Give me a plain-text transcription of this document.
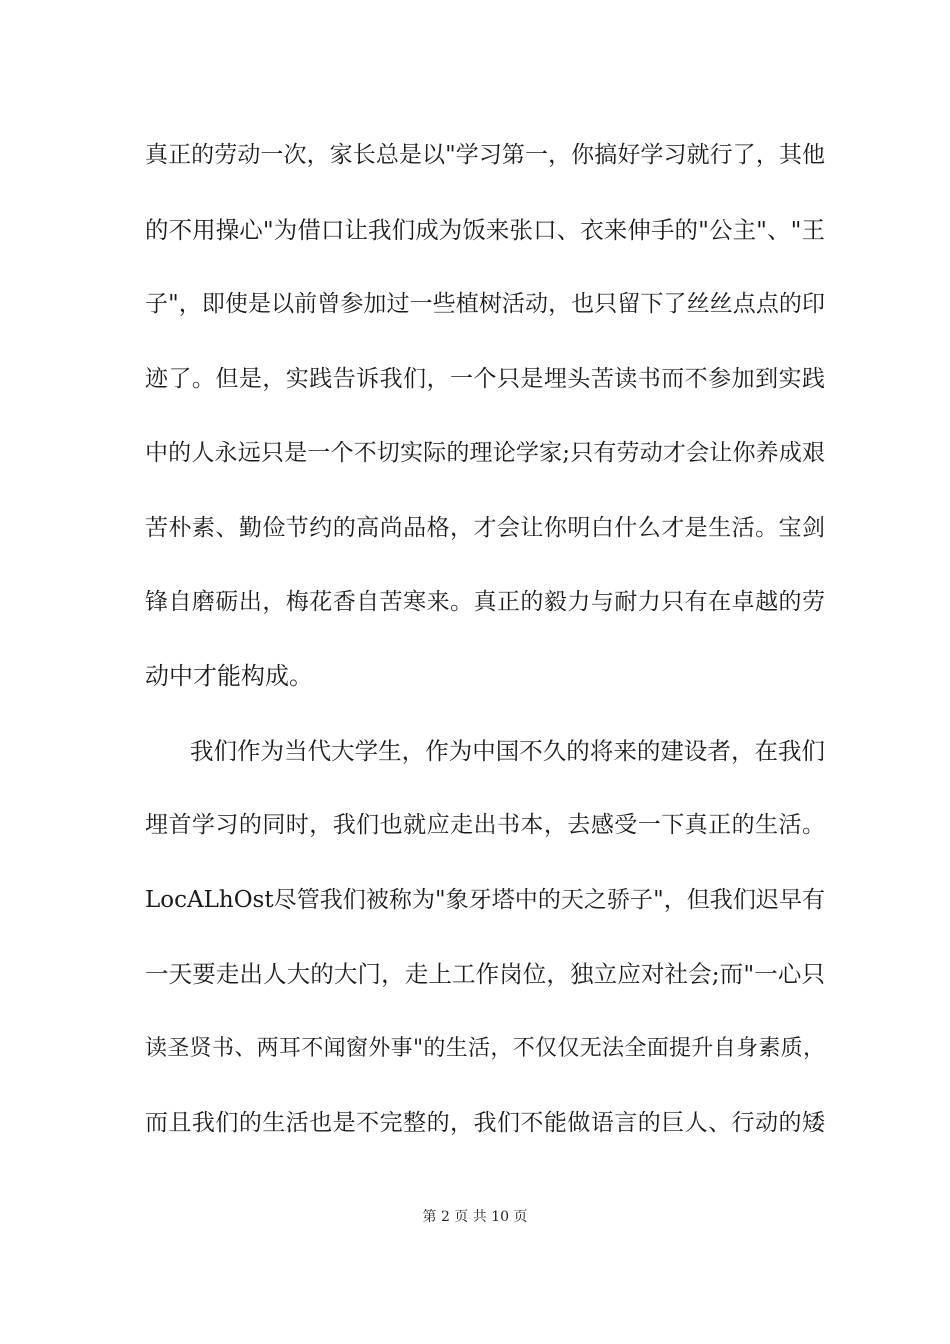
真正的劳动一次，家长总是以"学习第一，你搞好学习就行了，其他
的不用操心"为借口让我们成为饭来张口、衣来伸手的"公主"、"王
子"，即使是以前曾参加过一些植树活动，也只留下了丝丝点点的印
迹了。但是，实践告诉我们，一个只是埋头苦读书而不参加到实践
中的人永远只是一个不切实际的理论学家;只有劳动才会让你养成艰
苦朴素、勤俭节约的高尚品格，才会让你明白什么才是生活。宝剑
锋自磨砺出，梅花香自苦寒来。真正的毅力与耐力只有在卓越的劳
动中才能构成。
我们作为当代大学生，作为中国不久的将来的建设者，在我们
埋首学习的同时，我们也就应走出书本，去感受一下真正的生活。
LocALhOst尽管我们被称为"象牙塔中的天之骄子"，但我们迟早有
一天要走出人大的大门，走上工作岗位，独立应对社会;而"一心只
读圣贤书、两耳不闻窗外事"的生活，不仅仅无法全面提升自身素质，
而且我们的生活也是不完整的，我们不能做语言的巨人、行动的矮
第 2 页 共 10 页
